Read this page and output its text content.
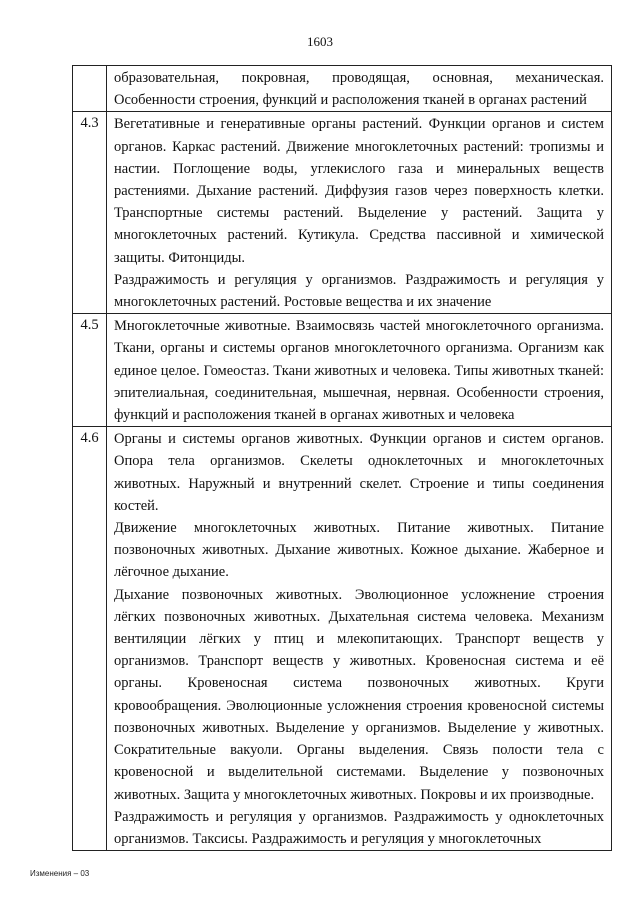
1603

	образовательная, покровная, проводящая, основная, механическая. Особенности строения, функций и расположения тканей в органах растений

4.3	Вегетативные и генеративные органы растений. Функции органов и систем органов. Каркас растений. Движение многоклеточных растений: тропизмы и настии. Поглощение воды, углекислого газа и минеральных веществ растениями. Дыхание растений. Диффузия газов через поверхность клетки. Транспортные системы растений. Выделение у растений. Защита у многоклеточных растений. Кутикула. Средства пассивной и химической защиты. Фитонциды.

Раздражимость и регуляция у организмов. Раздражимость и регуляция у многоклеточных растений. Ростовые вещества и их значение

4.5	Многоклеточные животные. Взаимосвязь частей многоклеточного организма. Ткани, органы и системы органов многоклеточного организма. Организм как единое целое. Гомеостаз. Ткани животных и человека. Типы животных тканей: эпителиальная, соединительная, мышечная, нервная. Особенности строения, функций и расположения тканей в органах животных и человека

4.6	Органы и системы органов животных. Функции органов и систем органов. Опора тела организмов. Скелеты одноклеточных и многоклеточных животных. Наружный и внутренний скелет. Строение и типы соединения костей.

Движение многоклеточных животных. Питание животных. Питание позвоночных животных. Дыхание животных. Кожное дыхание. Жаберное и лёгочное дыхание.

Дыхание позвоночных животных. Эволюционное усложнение строения лёгких позвоночных животных. Дыхательная система человека. Механизм вентиляции лёгких у птиц и млекопитающих. Транспорт веществ у организмов. Транспорт веществ у животных. Кровеносная система и её органы. Кровеносная система позвоночных животных. Круги кровообращения. Эволюционные усложнения строения кровеносной системы позвоночных животных. Выделение у организмов. Выделение у животных. Сократительные вакуоли. Органы выделения. Связь полости тела с кровеносной и выделительной системами. Выделение у позвоночных животных. Защита у многоклеточных животных. Покровы и их производные.

Раздражимость и регуляция у организмов. Раздражимость у одноклеточных организмов. Таксисы. Раздражимость и регуляция у многоклеточных

Изменения – 03
